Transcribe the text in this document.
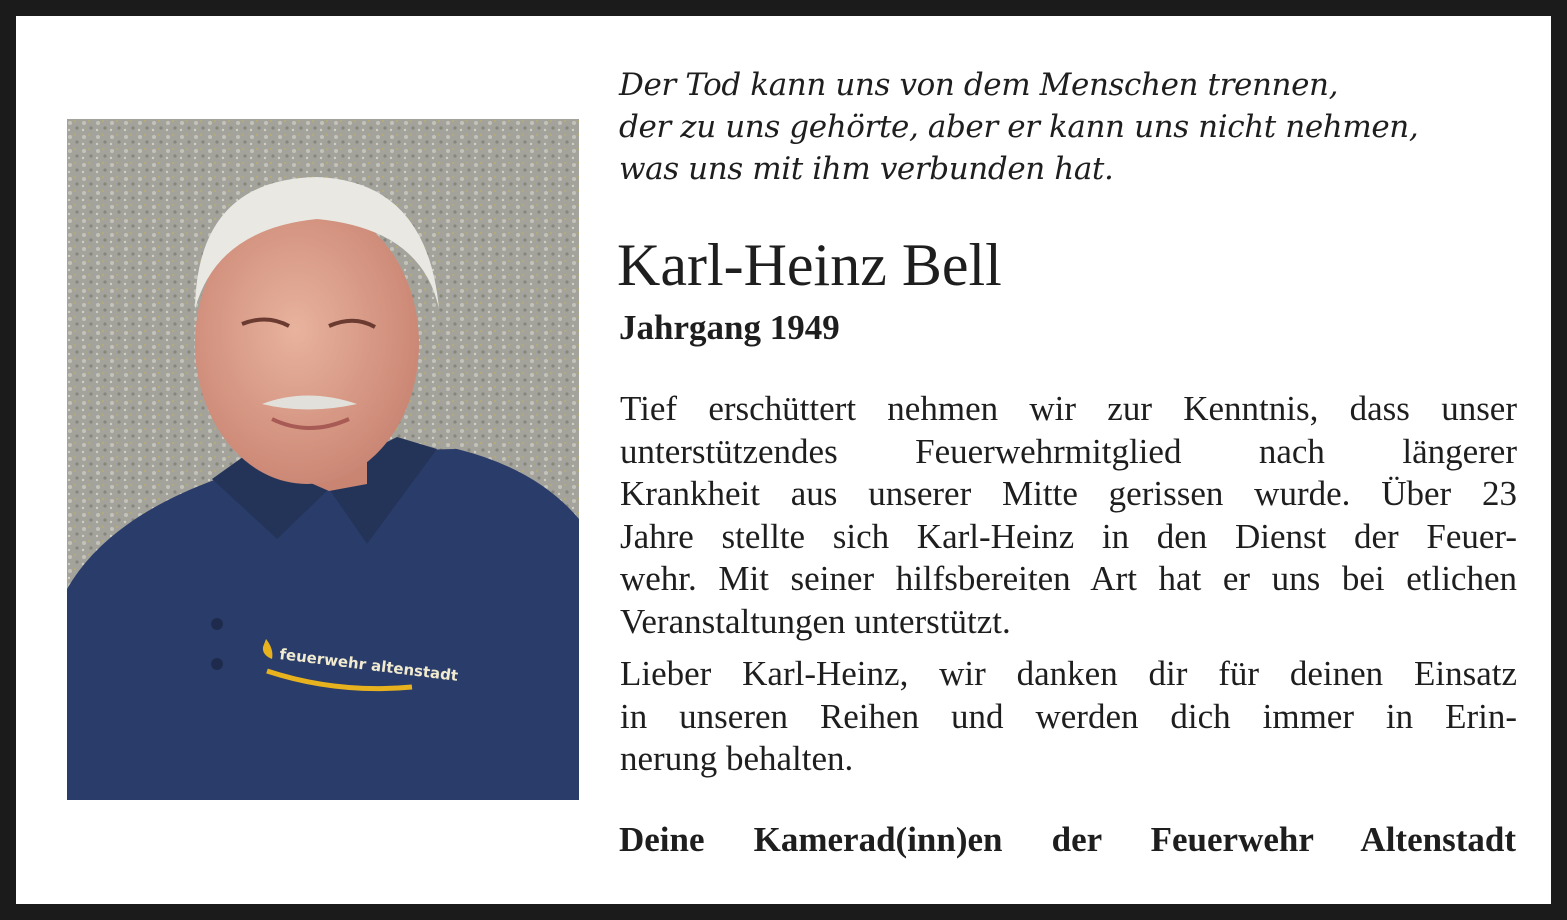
feuerwehr altenstadt
Der Tod kann uns von dem Menschen trennen,
der zu uns gehörte, aber er kann uns nicht nehmen,
was uns mit ihm verbunden hat.
Karl-Heinz Bell
Jahrgang 1949
Tief erschüttert nehmen wir zur Kenntnis, dass unser
unterstützendes Feuerwehrmitglied nach längerer
Krankheit aus unserer Mitte gerissen wurde. Über 23
Jahre stellte sich Karl-Heinz in den Dienst der Feuer-
wehr. Mit seiner hilfsbereiten Art hat er uns bei etlichen
Veranstaltungen unterstützt.
Lieber Karl-Heinz, wir danken dir für deinen Einsatz
in unseren Reihen und werden dich immer in Erin-
nerung behalten.
Deine Kamerad(inn)en der Feuerwehr Altenstadt
